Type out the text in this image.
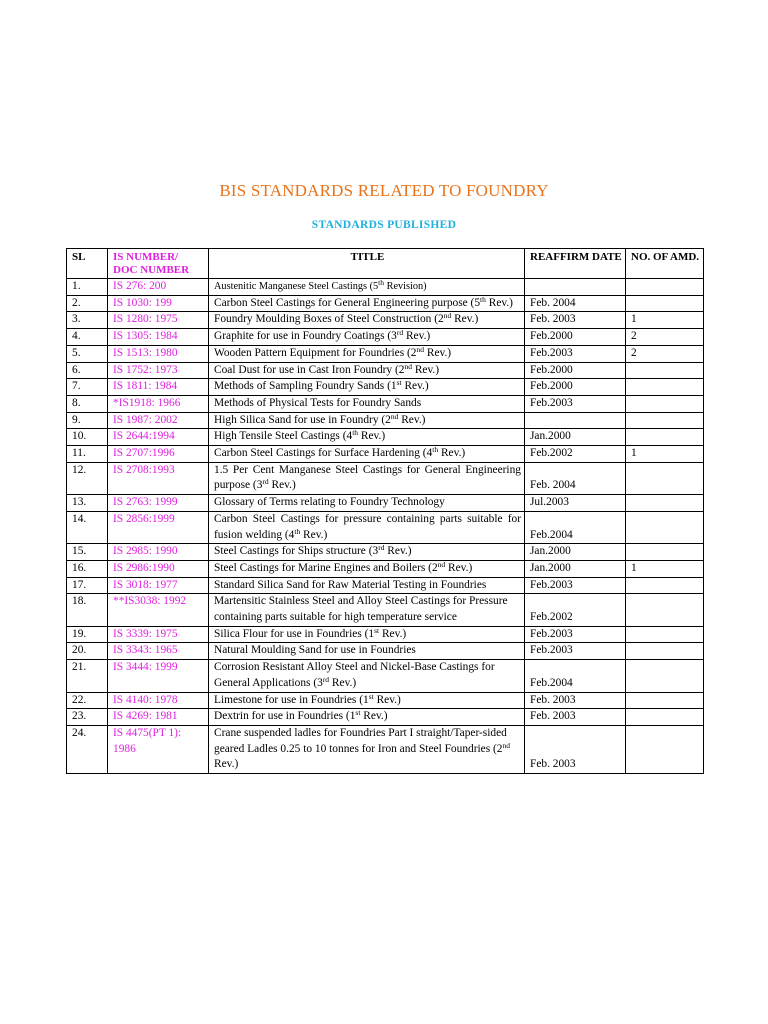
BIS STANDARDS RELATED TO FOUNDRY
STANDARDS PUBLISHED
SL	IS NUMBER/ DOC NUMBER	TITLE	REAFFIRM DATE	NO. OF AMD.
1.	IS 276: 200	Austenitic Manganese Steel Castings (5th Revision)		
2.	IS 1030: 199	Carbon Steel Castings for General Engineering purpose (5th Rev.)	Feb. 2004	
3.	IS 1280: 1975	Foundry Moulding Boxes of Steel Construction (2nd Rev.)	Feb. 2003	1
4.	IS 1305: 1984	Graphite for use in Foundry Coatings (3rd Rev.)	Feb.2000	2
5.	IS 1513: 1980	Wooden Pattern Equipment for Foundries (2nd Rev.)	Feb.2003	2
6.	IS 1752: 1973	Coal Dust for use in Cast Iron Foundry (2nd Rev.)	Feb.2000	
7.	IS 1811: 1984	Methods of Sampling Foundry Sands (1st Rev.)	Feb.2000	
8.	*IS1918: 1966	Methods of Physical Tests for Foundry Sands	Feb.2003	
9.	IS 1987: 2002	High Silica Sand for use in Foundry (2nd Rev.)		
10.	IS 2644:1994	High Tensile Steel Castings (4th Rev.)	Jan.2000	
11.	IS 2707:1996	Carbon Steel Castings for Surface Hardening (4th Rev.)	Feb.2002	1
12.	IS 2708:1993	1.5 Per Cent Manganese Steel Castings for General Engineering purpose (3rd Rev.)	Feb. 2004	
13.	IS 2763: 1999	Glossary of Terms relating to Foundry Technology	Jul.2003	
14.	IS 2856:1999	Carbon Steel Castings for pressure containing parts suitable for fusion welding (4th Rev.)	Feb.2004	
15.	IS 2985: 1990	Steel Castings for Ships structure (3rd Rev.)	Jan.2000	
16.	IS 2986:1990	Steel Castings for Marine Engines and Boilers (2nd Rev.)	Jan.2000	1
17.	IS 3018: 1977	Standard Silica Sand for Raw Material Testing in Foundries	Feb.2003	
18.	**IS3038: 1992	Martensitic Stainless Steel and Alloy Steel Castings for Pressure containing parts suitable for high temperature service	Feb.2002	
19.	IS 3339: 1975	Silica Flour for use in Foundries (1st Rev.)	Feb.2003	
20.	IS 3343: 1965	Natural Moulding Sand for use in Foundries	Feb.2003	
21.	IS 3444: 1999	Corrosion Resistant Alloy Steel and Nickel-Base Castings for General Applications (3rd Rev.)	Feb.2004	
22.	IS 4140: 1978	Limestone for use in Foundries (1st Rev.)	Feb. 2003	
23.	IS 4269: 1981	Dextrin for use in Foundries (1st Rev.)	Feb. 2003	
24.	IS 4475(PT 1): 1986	Crane suspended ladles for Foundries Part I straight/Taper-sided geared Ladles 0.25 to 10 tonnes for Iron and Steel Foundries (2nd Rev.)	Feb. 2003	
